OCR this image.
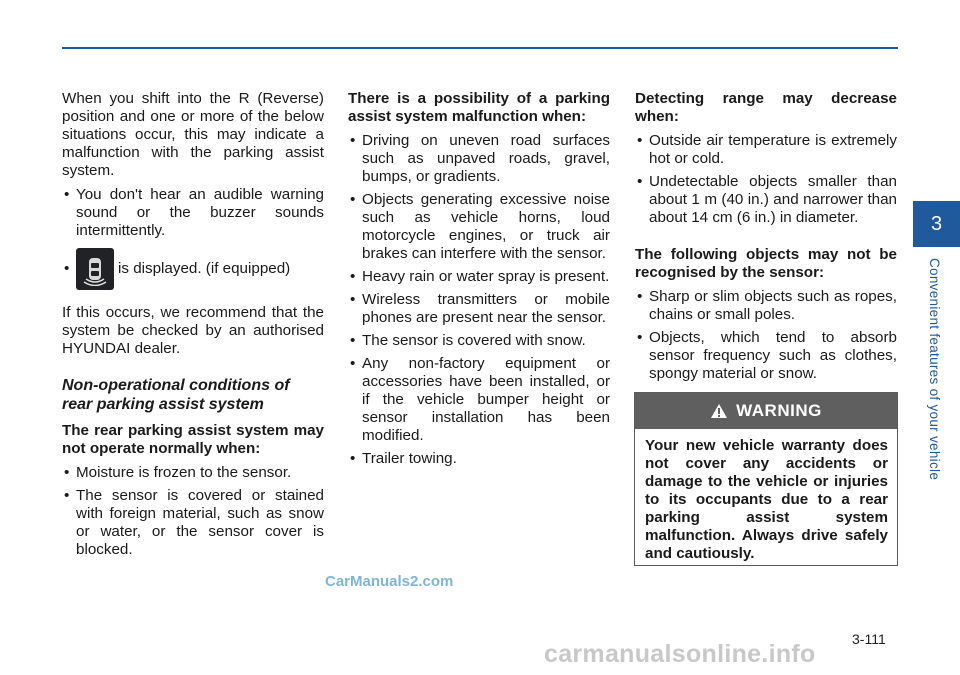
When you shift into the R (Reverse) position and one or more of the below situations occur, this may indicate a malfunction with the parking assist system.

• You don't hear an audible warning sound or the buzzer sounds intermittently.
• is displayed. (if equipped)

If this occurs, we recommend that the system be checked by an authorised HYUNDAI dealer.

Non-operational conditions of rear parking assist system

The rear parking assist system may not operate normally when:

• Moisture is frozen to the sensor.
• The sensor is covered or stained with foreign material, such as snow or water, or the sensor cover is blocked.

There is a possibility of a parking assist system malfunction when:

• Driving on uneven road surfaces such as unpaved roads, gravel, bumps, or gradients.
• Objects generating excessive noise such as vehicle horns, loud motorcycle engines, or truck air brakes can interfere with the sensor.
• Heavy rain or water spray is present.
• Wireless transmitters or mobile phones are present near the sensor.
• The sensor is covered with snow.
• Any non-factory equipment or accessories have been installed, or if the vehicle bumper height or sensor installation has been modified.
• Trailer towing.

Detecting range may decrease when:

• Outside air temperature is extremely hot or cold.
• Undetectable objects smaller than about 1 m (40 in.) and narrower than about 14 cm (6 in.) in diameter.

The following objects may not be recognised by the sensor:

• Sharp or slim objects such as ropes, chains or small poles.
• Objects, which tend to absorb sensor frequency such as clothes, spongy material or snow.
WARNING
Your new vehicle warranty does not cover any accidents or damage to the vehicle or injuries to its occupants due to a rear parking assist system malfunction. Always drive safely and cautiously.
3
Convenient features of your vehicle
3-111
CarManuals2.com
carmanualsonline.info
